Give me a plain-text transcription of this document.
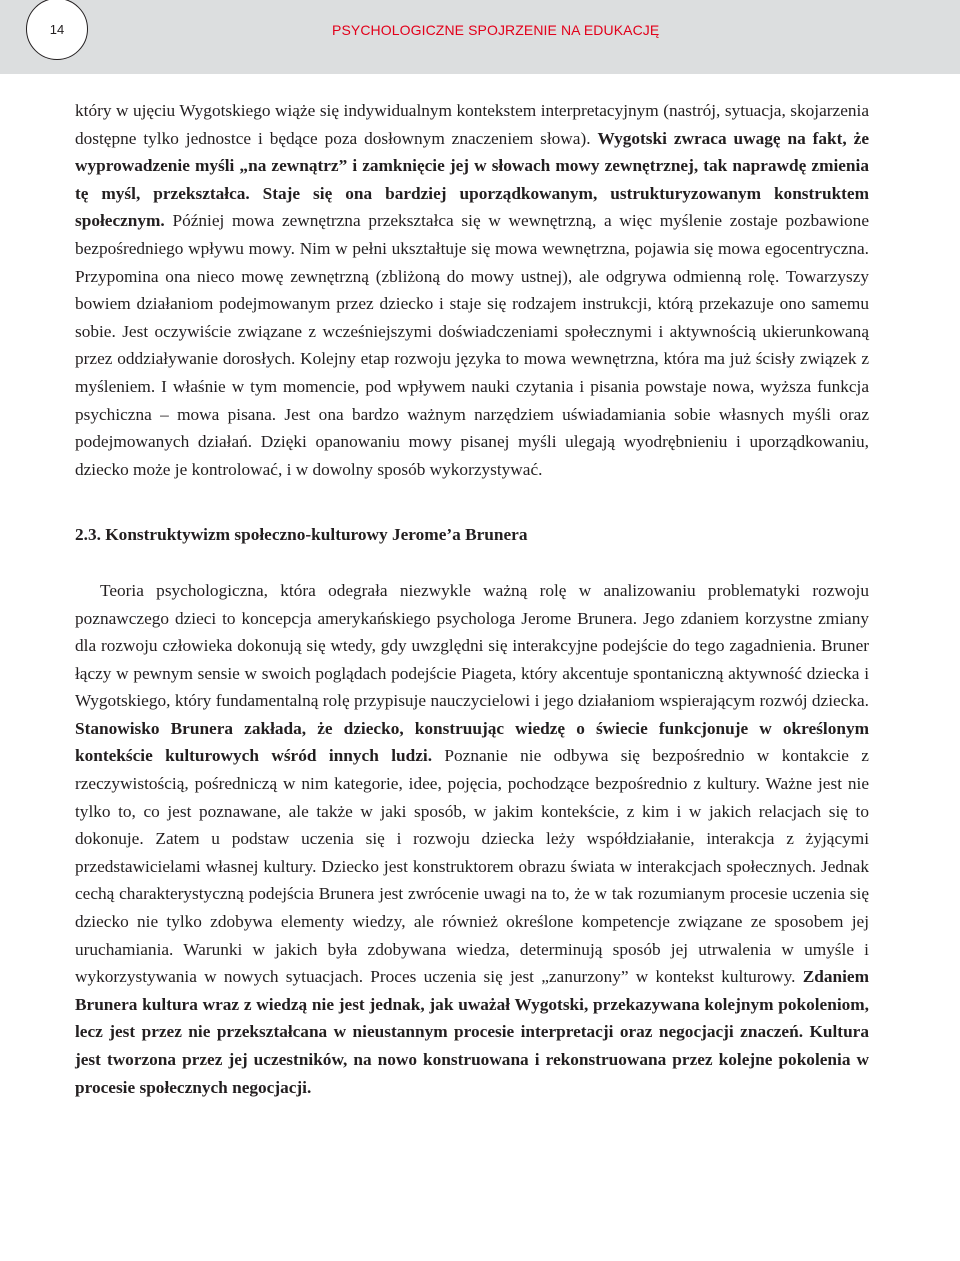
14	PSYCHOLOGICZNE SPOJRZENIE NA EDUKACJĘ

który w ujęciu Wygotskiego wiąże się indywidualnym kontekstem interpretacyjnym (nastrój, sytuacja, skojarzenia dostępne tylko jednostce i będące poza dosłownym znaczeniem słowa). Wygotski zwraca uwagę na fakt, że wyprowadzenie myśli „na zewnątrz” i zamknięcie jej w słowach mowy zewnętrznej, tak naprawdę zmienia tę myśl, przekształca. Staje się ona bardziej uporządkowanym, ustrukturyzowanym konstruktem społecznym. Później mowa zewnętrzna przekształca się w wewnętrzną, a więc myślenie zostaje pozbawione bezpośredniego wpływu mowy. Nim w pełni ukształtuje się mowa wewnętrzna, pojawia się mowa egocentryczna. Przypomina ona nieco mowę zewnętrzną (zbliżoną do mowy ustnej), ale odgrywa odmienną rolę. Towarzyszy bowiem działaniom podejmowanym przez dziecko i staje się rodzajem instrukcji, którą przekazuje ono samemu sobie. Jest oczywiście związane z wcześniejszymi doświadczeniami społecznymi i aktywnością ukierunkowaną przez oddziaływanie dorosłych. Kolejny etap rozwoju języka to mowa wewnętrzna, która ma już ścisły związek z myśleniem. I właśnie w tym momencie, pod wpływem nauki czytania i pisania powstaje nowa, wyższa funkcja psychiczna – mowa pisana. Jest ona bardzo ważnym narzędziem uświadamiania sobie własnych myśli oraz podejmowanych działań. Dzięki opanowaniu mowy pisanej myśli ulegają wyodrębnieniu i uporządkowaniu, dziecko może je kontrolować, i w dowolny sposób wykorzystywać.

2.3. Konstruktywizm społeczno-kulturowy Jerome’a Brunera

Teoria psychologiczna, która odegrała niezwykle ważną rolę w analizowaniu problematyki rozwoju poznawczego dzieci to koncepcja amerykańskiego psychologa Jerome Brunera. Jego zdaniem korzystne zmiany dla rozwoju człowieka dokonują się wtedy, gdy uwzględni się interakcyjne podejście do tego zagadnienia. Bruner łączy w pewnym sensie w swoich poglądach podejście Piageta, który akcentuje spontaniczną aktywność dziecka i Wygotskiego, który fundamentalną rolę przypisuje nauczycielowi i jego działaniom wspierającym rozwój dziecka. Stanowisko Brunera zakłada, że dziecko, konstruując wiedzę o świecie funkcjonuje w określonym kontekście kulturowych wśród innych ludzi. Poznanie nie odbywa się bezpośrednio w kontakcie z rzeczywistością, pośredniczą w nim kategorie, idee, pojęcia, pochodzące bezpośrednio z kultury. Ważne jest nie tylko to, co jest poznawane, ale także w jaki sposób, w jakim kontekście, z kim i w jakich relacjach się to dokonuje. Zatem u podstaw uczenia się i rozwoju dziecka leży współdziałanie, interakcja z żyjącymi przedstawicielami własnej kultury. Dziecko jest konstruktorem obrazu świata w interakcjach społecznych. Jednak cechą charakterystyczną podejścia Brunera jest zwrócenie uwagi na to, że w tak rozumianym procesie uczenia się dziecko nie tylko zdobywa elementy wiedzy, ale również określone kompetencje związane ze sposobem jej uruchamiania. Warunki w jakich była zdobywana wiedza, determinują sposób jej utrwalenia w umyśle i wykorzystywania w nowych sytuacjach. Proces uczenia się jest „zanurzony” w kontekst kulturowy. Zdaniem Brunera kultura wraz z wiedzą nie jest jednak, jak uważał Wygotski, przekazywana kolejnym pokoleniom, lecz jest przez nie przekształcana w nieustannym procesie interpretacji oraz negocjacji znaczeń. Kultura jest tworzona przez jej uczestników, na nowo konstruowana i rekonstruowana przez kolejne pokolenia w procesie społecznych negocjacji.
